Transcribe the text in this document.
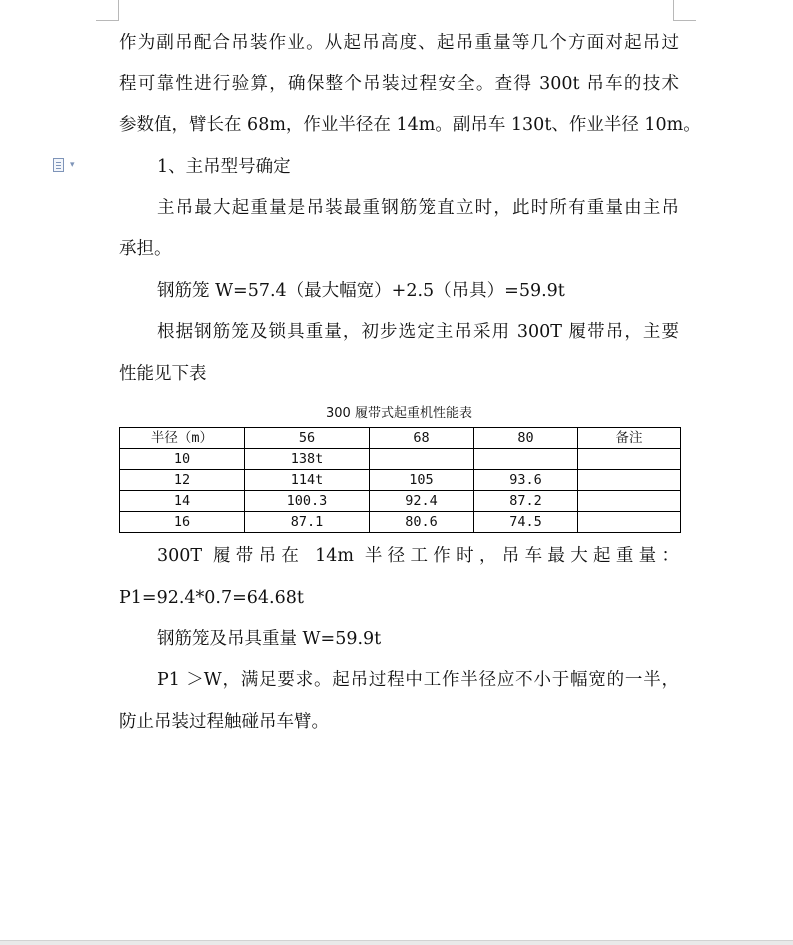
作为副吊配合吊装作业。从起吊高度、起吊重量等几个方面对起吊过

程可靠性进行验算，确保整个吊装过程安全。查得 300t 吊车的技术

参数值，臂长在 68m，作业半径在 14m。副吊车 130t、作业半径 10m。

▾	1、主吊型号确定

主吊最大起重量是吊装最重钢筋笼直立时，此时所有重量由主吊

承担。

钢筋笼 W=57.4（最大幅宽）+2.5（吊具）=59.9t

根据钢筋笼及锁具重量，初步选定主吊采用 300T 履带吊，主要

性能见下表

300 履带式起重机性能表
半径（m）	56	68	80	备注
10	138t			
12	114t	105	93.6	
14	100.3	92.4	87.2	
16	87.1	80.6	74.5	

300T 履带吊在 14m 半径工作时，吊车最大起重量：

P1=92.4*0.7=64.68t

钢筋笼及吊具重量 W=59.9t

P1 ＞W，满足要求。起吊过程中工作半径应不小于幅宽的一半，

防止吊装过程触碰吊车臂。
